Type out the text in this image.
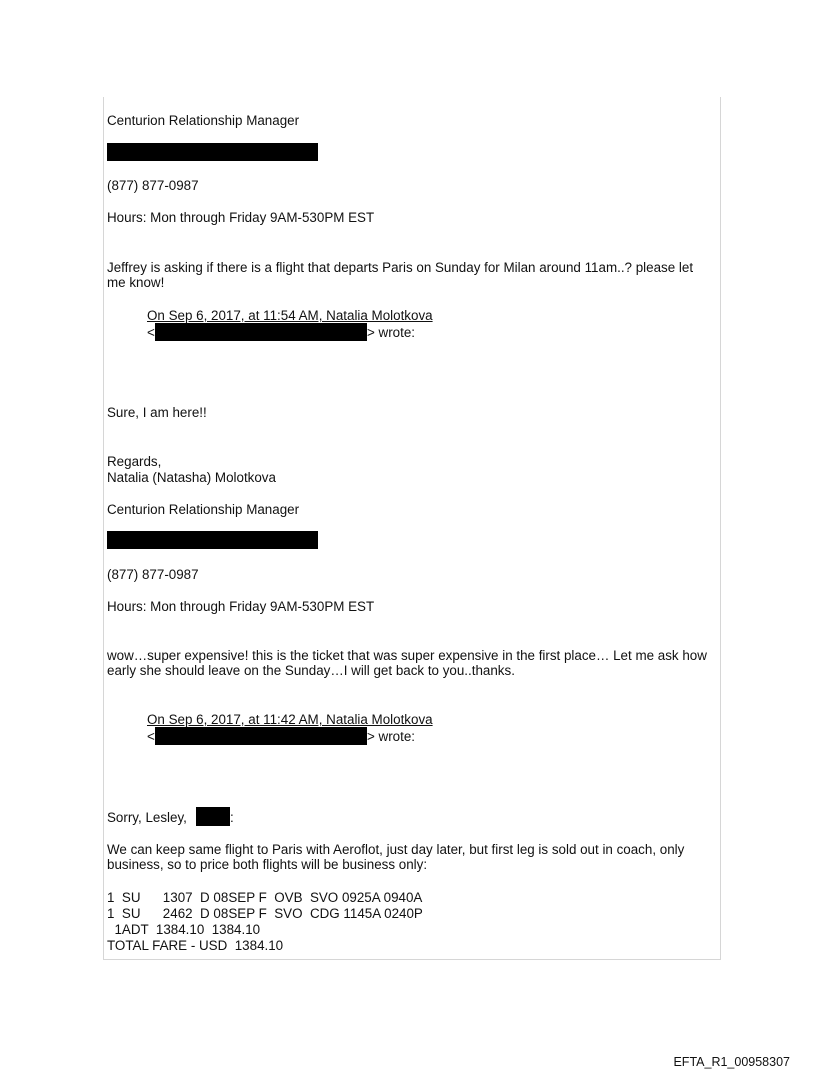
Centurion Relationship Manager
(877) 877-0987
Hours: Mon through Friday 9AM-530PM EST
Jeffrey is asking if there is a flight that departs Paris on Sunday for Milan around 11am..? please let me know!
On Sep 6, 2017, at 11:54 AM, Natalia Molotkova
<	> wrote:
Sure, I am here!!
Regards,
Natalia (Natasha) Molotkova
Centurion Relationship Manager
(877) 877-0987
Hours: Mon through Friday 9AM-530PM EST
wow…super expensive! this is the ticket that was super expensive in the first place… Let me ask how early she should leave on the Sunday…I will get back to you..thanks.
On Sep 6, 2017, at 11:42 AM, Natalia Molotkova
<	> wrote:
Sorry, Lesley,	:
We can keep same flight to Paris with Aeroflot, just day later, but first leg is sold out in coach, only business, so to price both flights will be business only:
1  SU      1307  D 08SEP F  OVB  SVO 0925A 0940A
1  SU      2462  D 08SEP F  SVO  CDG 1145A 0240P
1ADT  1384.10  1384.10
TOTAL FARE - USD  1384.10
EFTA_R1_00958307
